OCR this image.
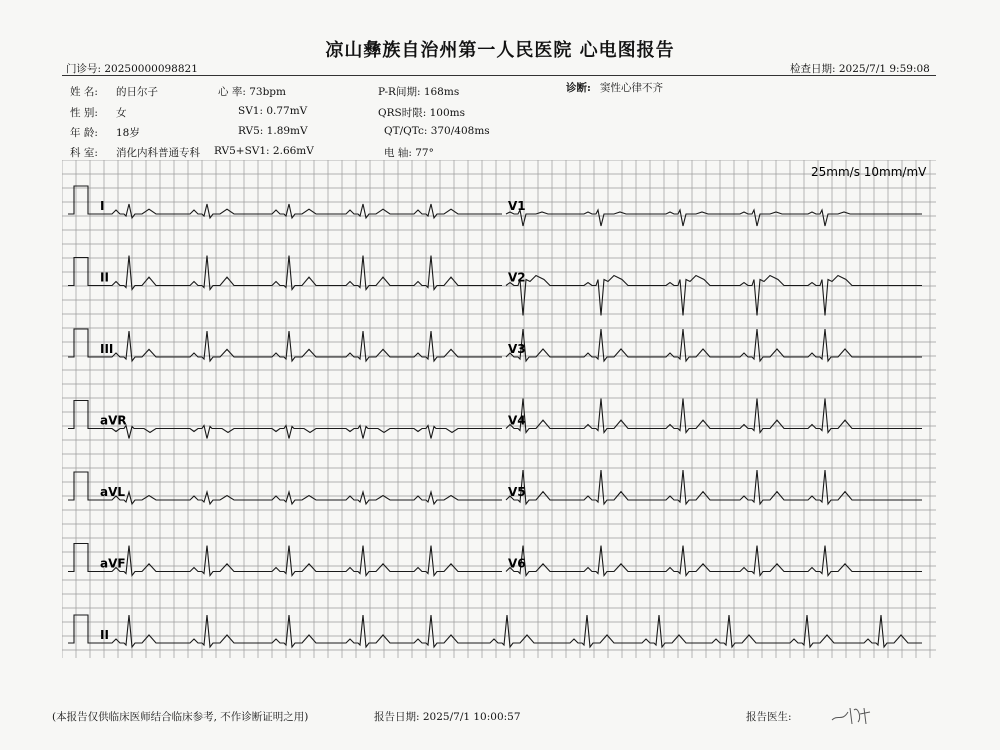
凉山彝族自治州第一人民医院 心电图报告
门诊号: 20250000098821	检查日期: 2025/7/1 9:59:08
姓 名: 的日尔子
性 别: 女
年 龄: 18岁
科 室: 消化内科普通专科
心 率: 73bpm
SV1: 0.77mV
RV5: 1.89mV
RV5+SV1: 2.66mV
P-R间期: 168ms
QRS时限: 100ms
QT/QTc: 370/408ms
电 轴: 77°
诊断: 窦性心律不齐
25mm/s 10mm/mV
I
II
III
aVR
aVL
aVF
II
V1
V2
V3
V4
V5
V6
(本报告仅供临床医师结合临床参考, 不作诊断证明之用)	报告日期: 2025/7/1 10:00:57	报告医生:
